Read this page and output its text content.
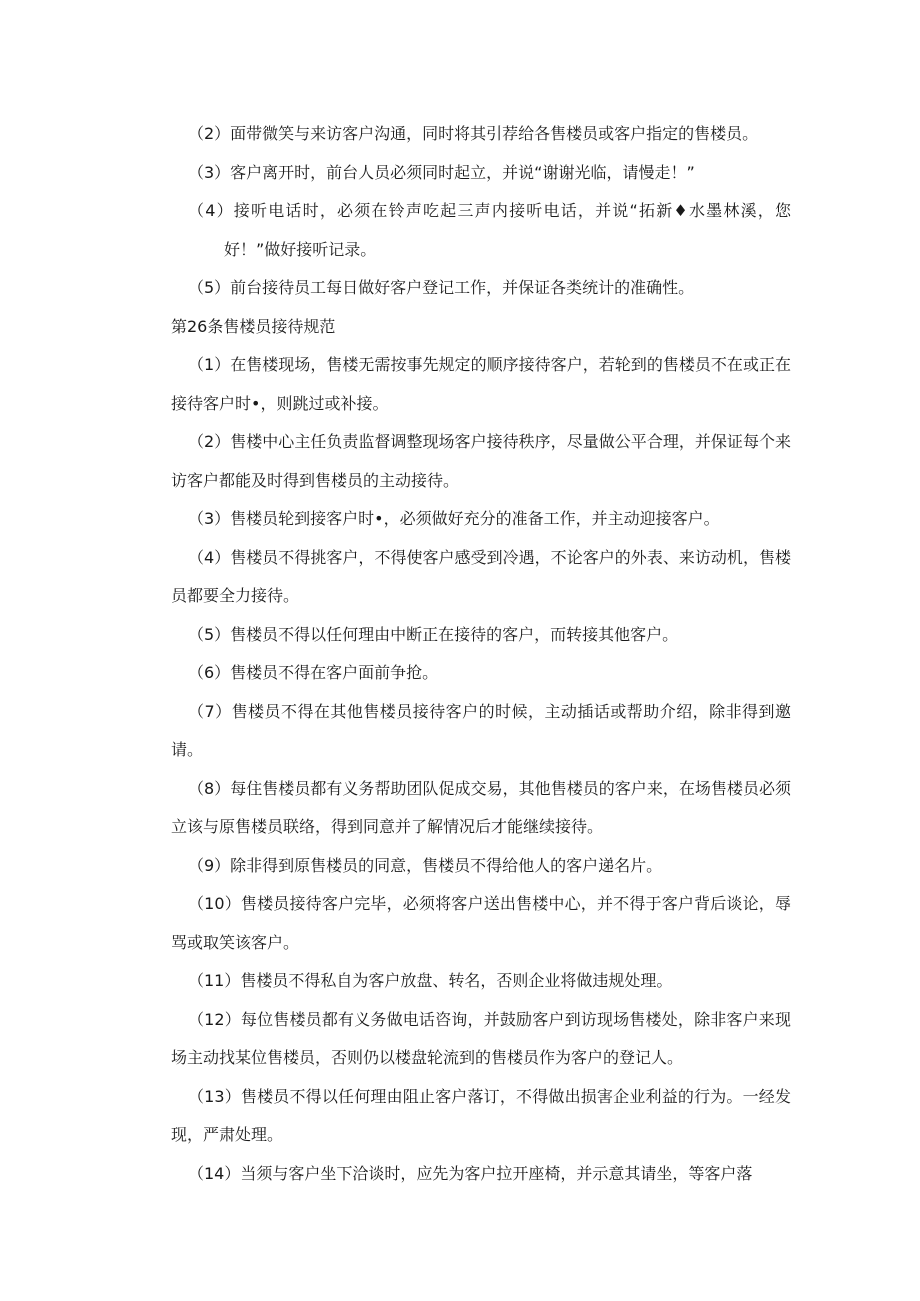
（2）面带微笑与来访客户沟通，同时将其引荐给各售楼员或客户指定的售楼员。

（3）客户离开时，前台人员必须同时起立，并说“谢谢光临，请慢走！”

（4）接听电话时，必须在铃声吃起三声内接听电话，并说“拓新♦水墨林溪，您好！”做好接听记录。

（5）前台接待员工每日做好客户登记工作，并保证各类统计的准确性。

第26条售楼员接待规范

（1）在售楼现场，售楼无需按事先规定的顺序接待客户，若轮到的售楼员不在或正在接待客户时•，则跳过或补接。

（2）售楼中心主任负责监督调整现场客户接待秩序，尽量做公平合理，并保证每个来访客户都能及时得到售楼员的主动接待。

（3）售楼员轮到接客户时•，必须做好充分的准备工作，并主动迎接客户。

（4）售楼员不得挑客户，不得使客户感受到冷遇，不论客户的外表、来访动机，售楼员都要全力接待。

（5）售楼员不得以任何理由中断正在接待的客户，而转接其他客户。

（6）售楼员不得在客户面前争抢。

（7）售楼员不得在其他售楼员接待客户的时候，主动插话或帮助介绍，除非得到邀请。

（8）每住售楼员都有义务帮助团队促成交易，其他售楼员的客户来，在场售楼员必须立该与原售楼员联络，得到同意并了解情况后才能继续接待。

（9）除非得到原售楼员的同意，售楼员不得给他人的客户递名片。

（10）售楼员接待客户完毕，必须将客户送出售楼中心，并不得于客户背后谈论，辱骂或取笑该客户。

（11）售楼员不得私自为客户放盘、转名，否则企业将做违规处理。

（12）每位售楼员都有义务做电话咨询，并鼓励客户到访现场售楼处，除非客户来现场主动找某位售楼员，否则仍以楼盘轮流到的售楼员作为客户的登记人。

（13）售楼员不得以任何理由阻止客户落订，不得做出损害企业利益的行为。一经发现，严肃处理。

（14）当须与客户坐下洽谈时，应先为客户拉开座椅，并示意其请坐，等客户落
